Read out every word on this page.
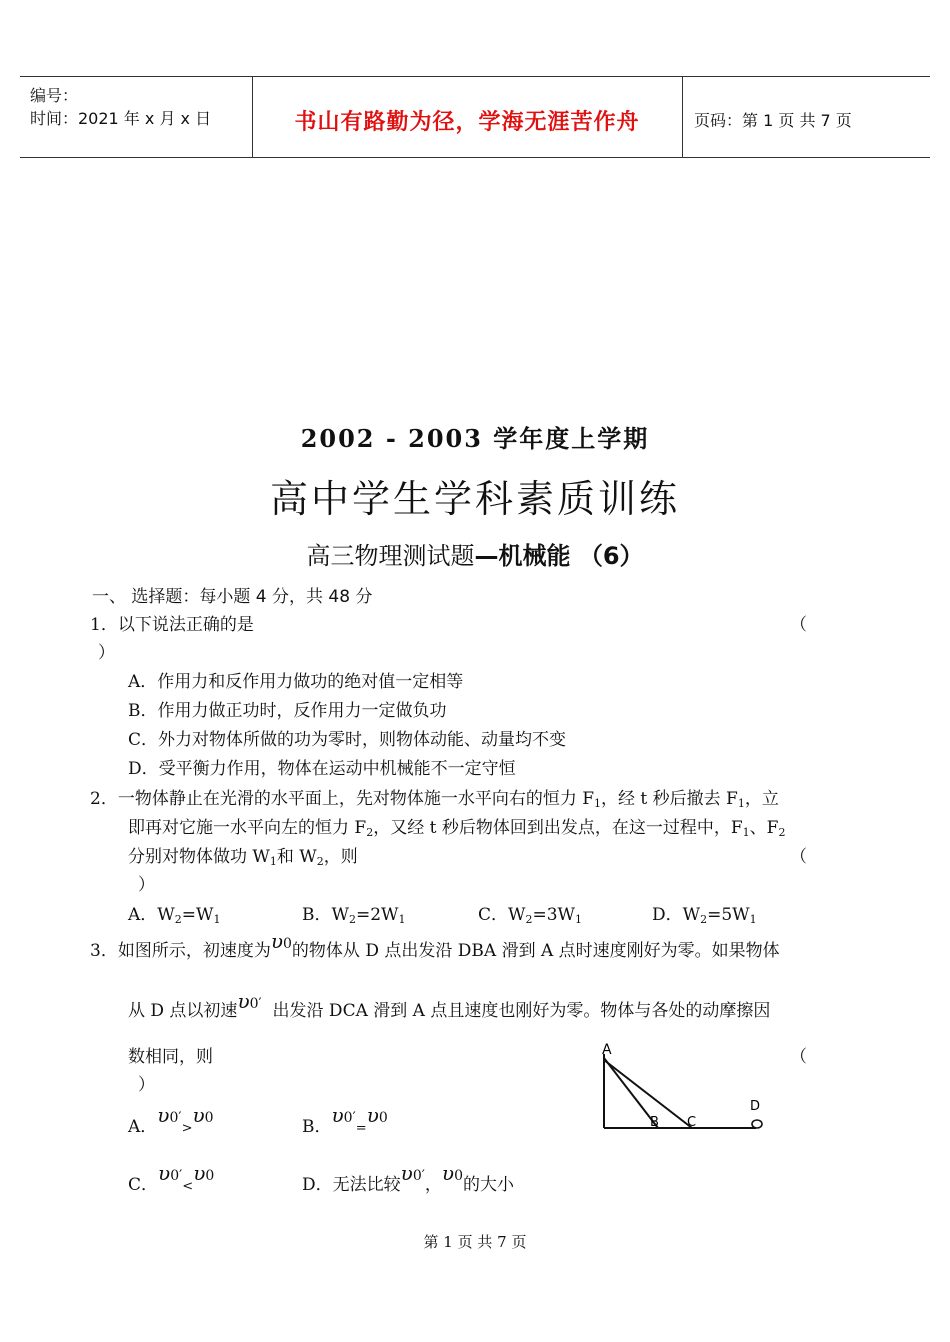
编号：
时间：2021 年 x 月 x 日	书山有路勤为径，学海无涯苦作舟	页码：第 1 页 共 7 页
2002 - 2003 学年度上学期
高中学生学科素质训练
高三物理测试题—机械能 （6）
一、 选择题：每小题 4 分，共 48 分
1．以下说法正确的是	（
）
A．作用力和反作用力做功的绝对值一定相等
B．作用力做正功时，反作用力一定做负功
C．外力对物体所做的功为零时，则物体动能、动量均不变
D．受平衡力作用，物体在运动中机械能不一定守恒
2．一物体静止在光滑的水平面上，先对物体施一水平向右的恒力 $F_1$，经 t 秒后撤去 $F_1$，立
即再对它施一水平向左的恒力 $F_2$，又经 t 秒后物体回到出发点，在这一过程中，$F_1$、$F_2$
分别对物体做功 $W_1$和 $W_2$，则	（
）
A．$W_2=W_1$	B．$W_2=2W_1$	C．$W_2=3W_1$	D．$W_2=5W_1$
3．如图所示，初速度为υ0的物体从 D 点出发沿 DBA 滑到 A 点时速度刚好为零。如果物体
从 D 点以初速υ0′ 出发沿 DCA 滑到 A 点且速度也刚好为零。物体与各处的动摩擦因
数相同，则	（
）
A．υ0′>υ0	B．υ0′=υ0
C．υ0′<υ0	D．无法比较υ0′，υ0的大小
A
B C
D
第 1 页 共 7 页
